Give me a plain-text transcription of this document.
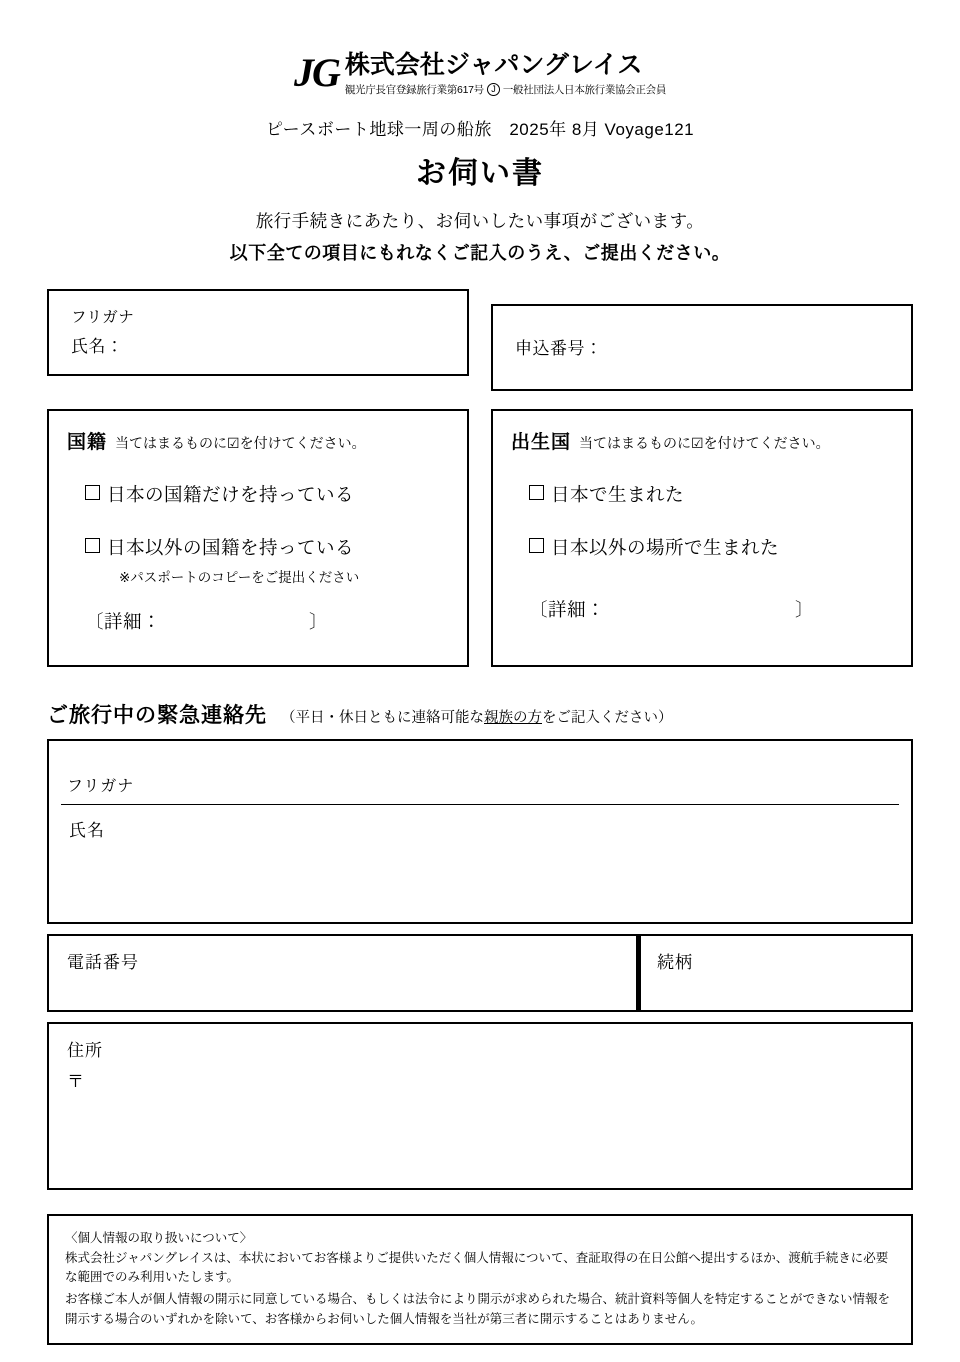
JG 株式会社ジャパングレイス
観光庁長官登録旅行業第617号 J 一般社団法人日本旅行業協会正会員
ピースボート地球一周の船旅　2025年 8月 Voyage121
お伺い書
旅行手続きにあたり、お伺いしたい事項がございます。
以下全ての項目にもれなくご記入のうえ、ご提出ください。
フリガナ
氏名：	申込番号：
国籍 当てはまるものに☑を付けてください。
日本の国籍だけを持っている
日本以外の国籍を持っている
※パスポートのコピーをご提出ください
〔詳細：	〕
出生国 当てはまるものに☑を付けてください。
日本で生まれた
日本以外の場所で生まれた
〔詳細：	〕
ご旅行中の緊急連絡先 （平日・休日ともに連絡可能な親族の方をご記入ください）
フリガナ
氏名
電話番号	続柄
住所
〒
〈個人情報の取り扱いについて〉
株式会社ジャパングレイスは、本状においてお客様よりご提供いただく個人情報について、査証取得の在日公館へ提出するほか、渡航手続きに必要な範囲でのみ利用いたします。
お客様ご本人が個人情報の開示に同意している場合、もしくは法令により開示が求められた場合、統計資料等個人を特定することができない情報を開示する場合のいずれかを除いて、お客様からお伺いした個人情報を当社が第三者に開示することはありません。
